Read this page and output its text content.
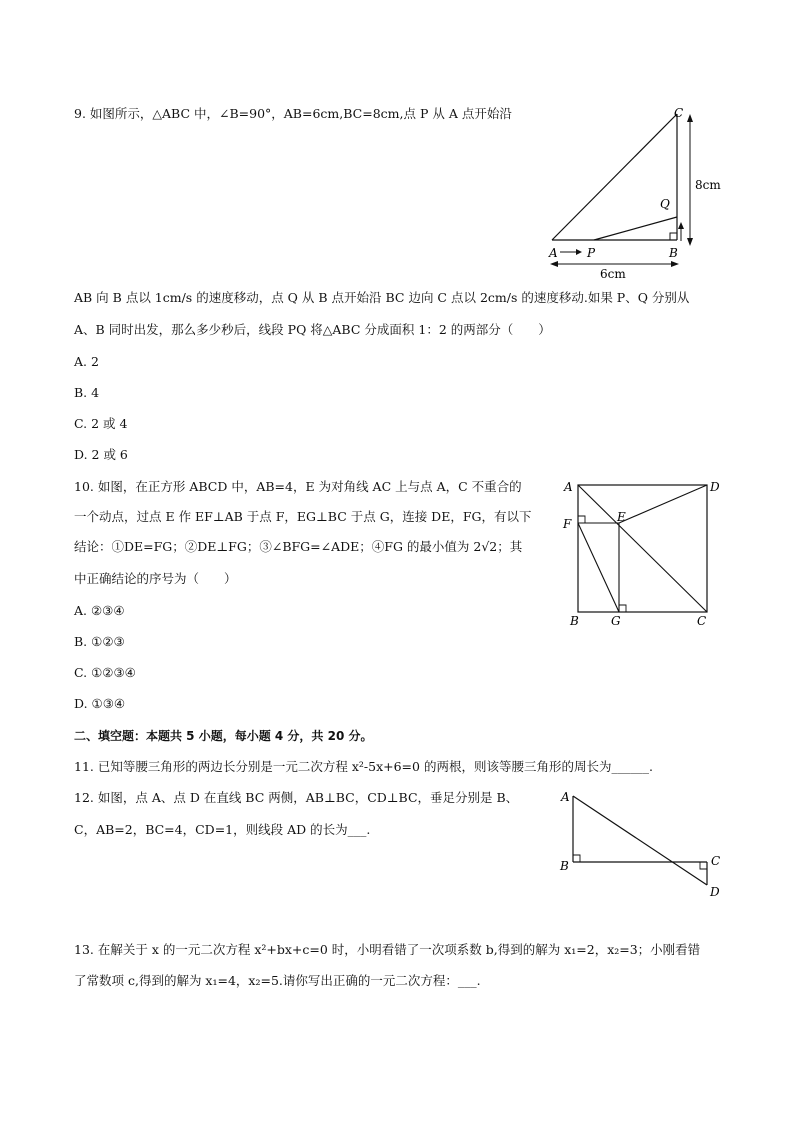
9. 如图所示，△ABC 中，∠B=90°，AB=6cm,BC=8cm,点 P 从 A 点开始沿	C
Q
A P	B
8cm
6cm
AB 向 B 点以 1cm/s 的速度移动，点 Q 从 B 点开始沿 BC 边向 C 点以 2cm/s 的速度移动.如果 P、Q 分别从
A、B 同时出发，那么多少秒后，线段 PQ 将△ABC 分成面积 1：2 的两部分（　　）
A. 2
B. 4
C. 2 或 4
D. 2 或 6
10. 如图，在正方形 ABCD 中，AB=4，E 为对角线 AC 上与点 A，C 不重合的
一个动点，过点 E 作 EF⊥AB 于点 F，EG⊥BC 于点 G，连接 DE，FG，有以下
结论：①DE=FG；②DE⊥FG；③∠BFG=∠ADE；④FG 的最小值为 2√2；其
中正确结论的序号为（　　）
A	D
F	E
B	G	C
A. ②③④
B. ①②③
C. ①②③④
D. ①③④
二、填空题：本题共 5 小题，每小题 4 分，共 20 分。
11. 已知等腰三角形的两边长分别是一元二次方程 x²-5x+6=0 的两根，则该等腰三角形的周长为______.
12. 如图，点 A、点 D 在直线 BC 两侧，AB⊥BC，CD⊥BC，垂足分别是 B、
C，AB=2，BC=4，CD=1，则线段 AD 的长为___.
A
B	C
D
13. 在解关于 x 的一元二次方程 x²+bx+c=0 时，小明看错了一次项系数 b,得到的解为 x₁=2，x₂=3；小刚看错
了常数项 c,得到的解为 x₁=4，x₂=5.请你写出正确的一元二次方程：___.
